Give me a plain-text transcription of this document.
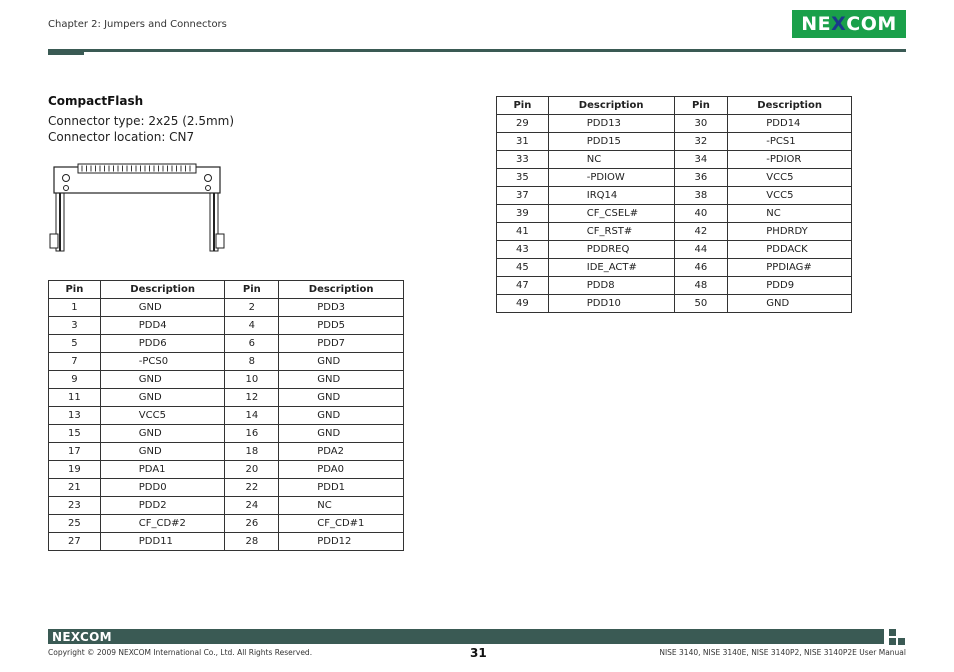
Chapter 2: Jumpers and Connectors	NE X COM
CompactFlash
Connector type: 2x25 (2.5mm)
Connector location: CN7
Pin	Description	Pin	Description
1	GND	2	PDD3
3	PDD4	4	PDD5
5	PDD6	6	PDD7
7	-PCS0	8	GND
9	GND	10	GND
11	GND	12	GND
13	VCC5	14	GND
15	GND	16	GND
17	GND	18	PDA2
19	PDA1	20	PDA0
21	PDD0	22	PDD1
23	PDD2	24	NC
25	CF_CD#2	26	CF_CD#1
27	PDD11	28	PDD12
Pin	Description	Pin	Description
29	PDD13	30	PDD14
31	PDD15	32	-PCS1
33	NC	34	-PDIOR
35	-PDIOW	36	VCC5
37	IRQ14	38	VCC5
39	CF_CSEL#	40	NC
41	CF_RST#	42	PHDRDY
43	PDDREQ	44	PDDACK
45	IDE_ACT#	46	PPDIAG#
47	PDD8	48	PDD9
49	PDD10	50	GND
NEXCOM
Copyright © 2009 NEXCOM International Co., Ltd. All Rights Reserved.	31	NISE 3140, NISE 3140E, NISE 3140P2, NISE 3140P2E User Manual
